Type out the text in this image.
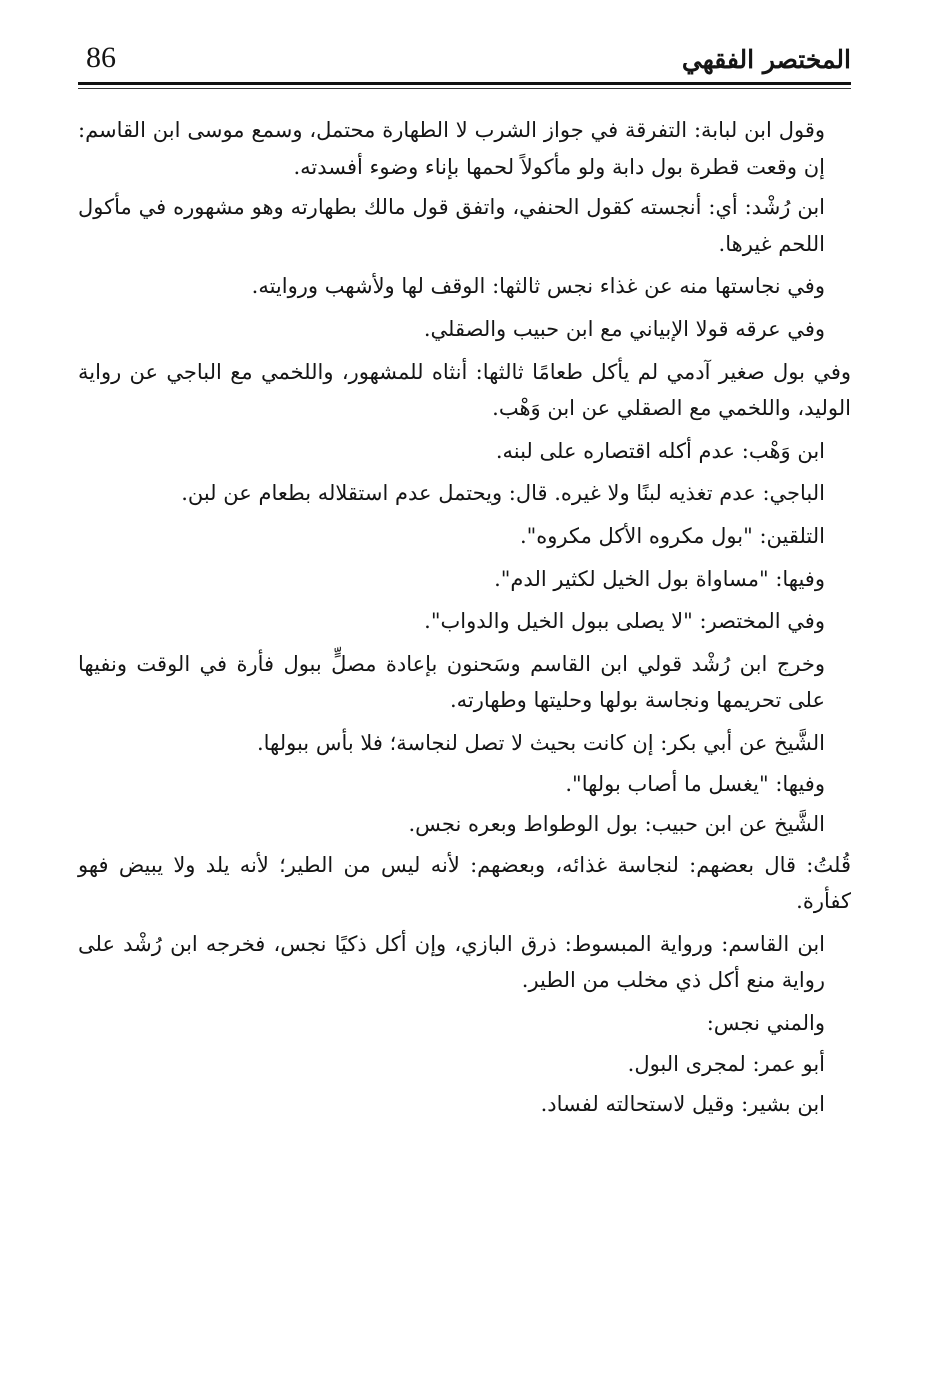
86	المختصر الفقهي

وقول ابن لبابة: التفرقة في جواز الشرب لا الطهارة محتمل، وسمع موسى ابن القاسم: إن وقعت قطرة بول دابة ولو مأكولاً لحمها بإناء وضوء أفسدته.

ابن رُشْد: أي: أنجسته كقول الحنفي، واتفق قول مالك بطهارته وهو مشهوره في مأكول اللحم غيرها.

وفي نجاستها منه عن غذاء نجس ثالثها: الوقف لها ولأشهب وروايته.

وفي عرقه قولا الإبياني مع ابن حبيب والصقلي.

وفي بول صغير آدمي لم يأكل طعامًا ثالثها: أنثاه للمشهور، واللخمي مع الباجي عن رواية الوليد، واللخمي مع الصقلي عن ابن وَهْب.

ابن وَهْب: عدم أكله اقتصاره على لبنه.

الباجي: عدم تغذيه لبنًا ولا غيره. قال: ويحتمل عدم استقلاله بطعام عن لبن.

التلقين: "بول مكروه الأكل مكروه".

وفيها: "مساواة بول الخيل لكثير الدم".

وفي المختصر: "لا يصلى ببول الخيل والدواب".

وخرج ابن رُشْد قولي ابن القاسم وسَحنون بإعادة مصلٍّ ببول فأرة في الوقت ونفيها على تحريمها ونجاسة بولها وحليتها وطهارته.

الشَّيخ عن أبي بكر: إن كانت بحيث لا تصل لنجاسة؛ فلا بأس ببولها.

وفيها: "يغسل ما أصاب بولها".

الشَّيخ عن ابن حبيب: بول الوطواط وبعره نجس.

قُلتُ: قال بعضهم: لنجاسة غذائه، وبعضهم: لأنه ليس من الطير؛ لأنه يلد ولا يبيض فهو كفأرة.

ابن القاسم: ورواية المبسوط: ذرق البازي، وإن أكل ذكيًا نجس، فخرجه ابن رُشْد على رواية منع أكل ذي مخلب من الطير.

والمني نجس:

أبو عمر: لمجرى البول.

ابن بشير: وقيل لاستحالته لفساد.
